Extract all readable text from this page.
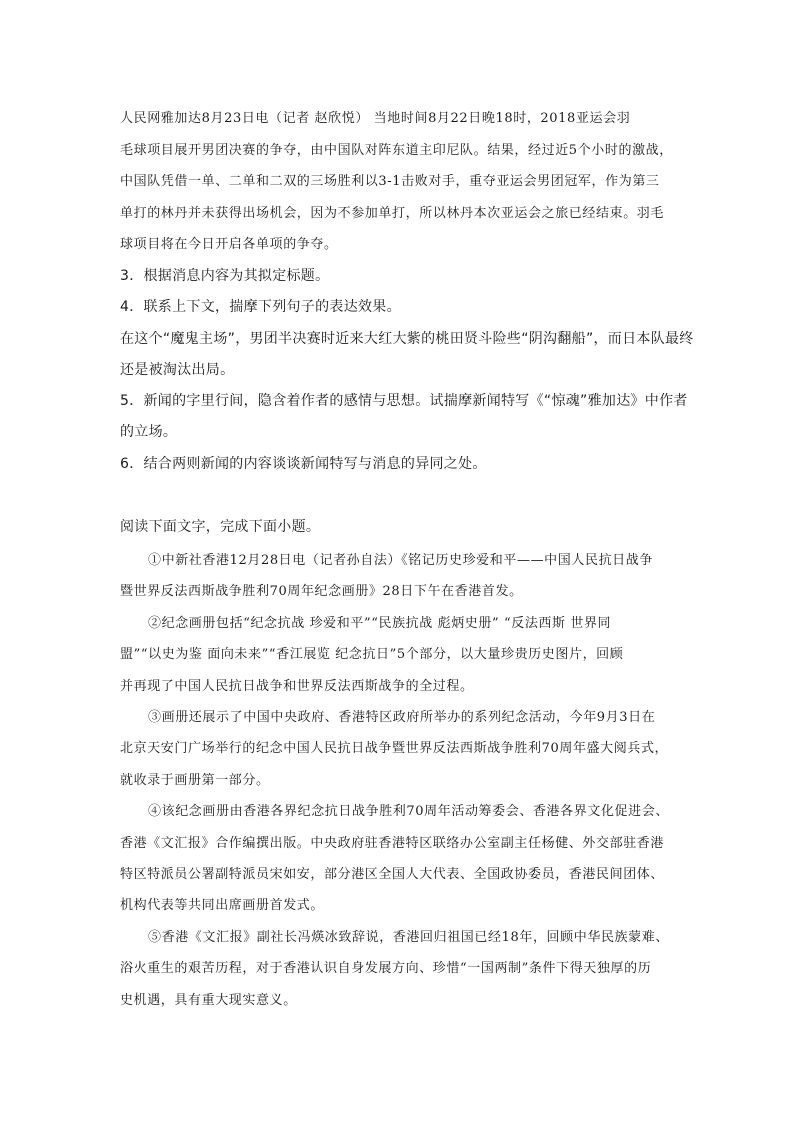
人民网雅加达8月23日电（记者 赵欣悦） 当地时间8月22日晚18时，2018亚运会羽

毛球项目展开男团决赛的争夺，由中国队对阵东道主印尼队。结果，经过近5个小时的激战，

中国队凭借一单、二单和二双的三场胜利以3-1击败对手，重夺亚运会男团冠军，作为第三

单打的林丹并未获得出场机会，因为不参加单打，所以林丹本次亚运会之旅已经结束。羽毛

球项目将在今日开启各单项的争夺。

3．根据消息内容为其拟定标题。

4．联系上下文，揣摩下列句子的表达效果。

在这个“魔鬼主场”，男团半决赛时近来大红大紫的桃田贤斗险些“阴沟翻船”，而日本队最终

还是被淘汰出局。

5．新闻的字里行间，隐含着作者的感情与思想。试揣摩新闻特写《“惊魂”雅加达》中作者

的立场。

6．结合两则新闻的内容谈谈新闻特写与消息的异同之处。

阅读下面文字，完成下面小题。

①中新社香港12月28日电（记者孙自法）《铭记历史珍爱和平——中国人民抗日战争

暨世界反法西斯战争胜利70周年纪念画册》28日下午在香港首发。

②纪念画册包括“纪念抗战 珍爱和平”“民族抗战 彪炳史册” “反法西斯 世界同

盟”“以史为鉴 面向未来”“香江展览 纪念抗日”5个部分，以大量珍贵历史图片，回顾

并再现了中国人民抗日战争和世界反法西斯战争的全过程。

③画册还展示了中国中央政府、香港特区政府所举办的系列纪念活动，今年9月3日在

北京天安门广场举行的纪念中国人民抗日战争暨世界反法西斯战争胜利70周年盛大阅兵式，

就收录于画册第一部分。

④该纪念画册由香港各界纪念抗日战争胜利70周年活动筹委会、香港各界文化促进会、

香港《文汇报》合作编撰出版。中央政府驻香港特区联络办公室副主任杨健、外交部驻香港

特区特派员公署副特派员宋如安，部分港区全国人大代表、全国政协委员，香港民间团体、

机构代表等共同出席画册首发式。

⑤香港《文汇报》副社长冯煐冰致辞说，香港回归祖国已经18年，回顾中华民族蒙难、

浴火重生的艰苦历程，对于香港认识自身发展方向、珍惜“一国两制”条件下得天独厚的历

史机遇，具有重大现实意义。
